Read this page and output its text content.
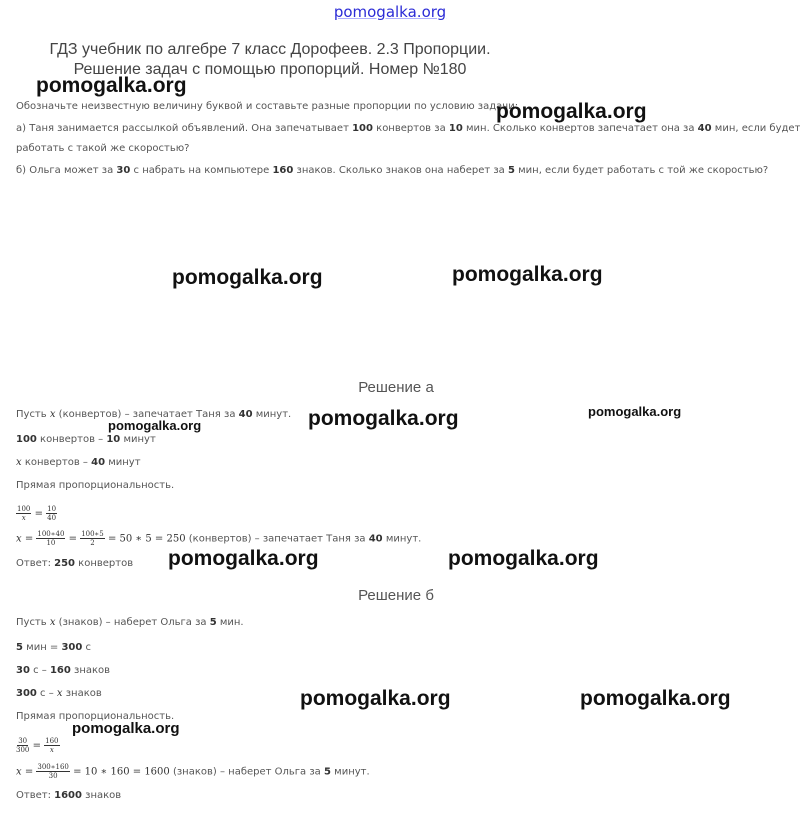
pomogalka.org
ГДЗ учебник по алгебре 7 класс Дорофеев. 2.3 Пропорции. Решение задач с помощью пропорций. Номер №180
Обозначьте неизвестную величину буквой и составьте разные пропорции по условию задачи:
а) Таня занимается рассылкой объявлений. Она запечатывает 100 конвертов за 10 мин. Сколько конвертов запечатает она за 40 мин, если будет
работать с такой же скоростью?
б) Ольга может за 30 с набрать на компьютере 160 знаков. Сколько знаков она наберет за 5 мин, если будет работать с той же скоростью?
Решение а
Пусть x (конвертов) – запечатает Таня за 40 минут.
100 конвертов – 10 минут
x конвертов – 40 минут
Прямая пропорциональность.
$\frac{100}{x} = \frac{10}{40}$
$x = \frac{100∗40}{10} = \frac{100∗5}{2} = 50$ ∗ 5 = 250 (конвертов) – запечатает Таня за 40 минут.
Ответ: 250 конвертов
Решение б
Пусть x (знаков) – наберет Ольга за 5 мин.
5 мин = 300 с
30 с – 160 знаков
300 с – x знаков
Прямая пропорциональность.
$\frac{30}{300} = \frac{160}{x}$
$x = \frac{300∗160}{30} = 10$ ∗ 160 = 1600 (знаков) – наберет Ольга за 5 минут.
Ответ: 1600 знаков
pomogalka.org
pomogalka.org
pomogalka.org	pomogalka.org
pomogalka.org
pomogalka.org
pomogalka.org
pomogalka.org	pomogalka.org
pomogalka.org	pomogalka.org
pomogalka.org
